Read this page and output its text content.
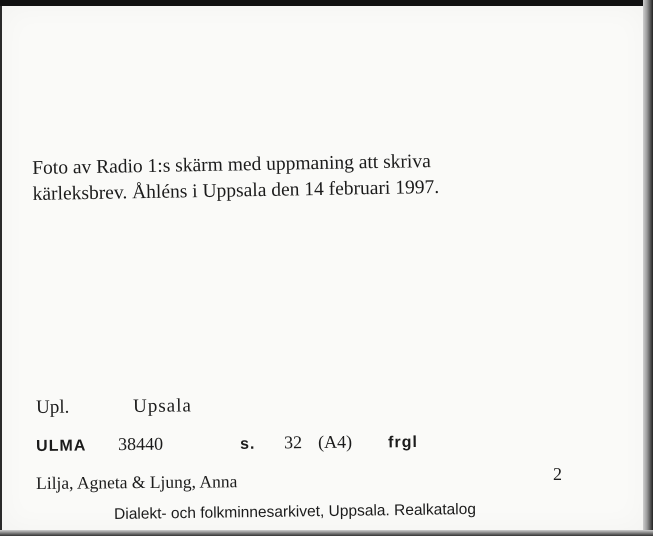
Foto av Radio 1:s skärm med uppmaning att skriva
kärleksbrev. Åhléns i Uppsala den 14 februari 1997.
Upl.	Upsala
ULMA 38440	s. 32 (A4) frgl
Lilja, Agneta & Ljung, Anna	2
Dialekt- och folkminnesarkivet, Uppsala. Realkatalog
